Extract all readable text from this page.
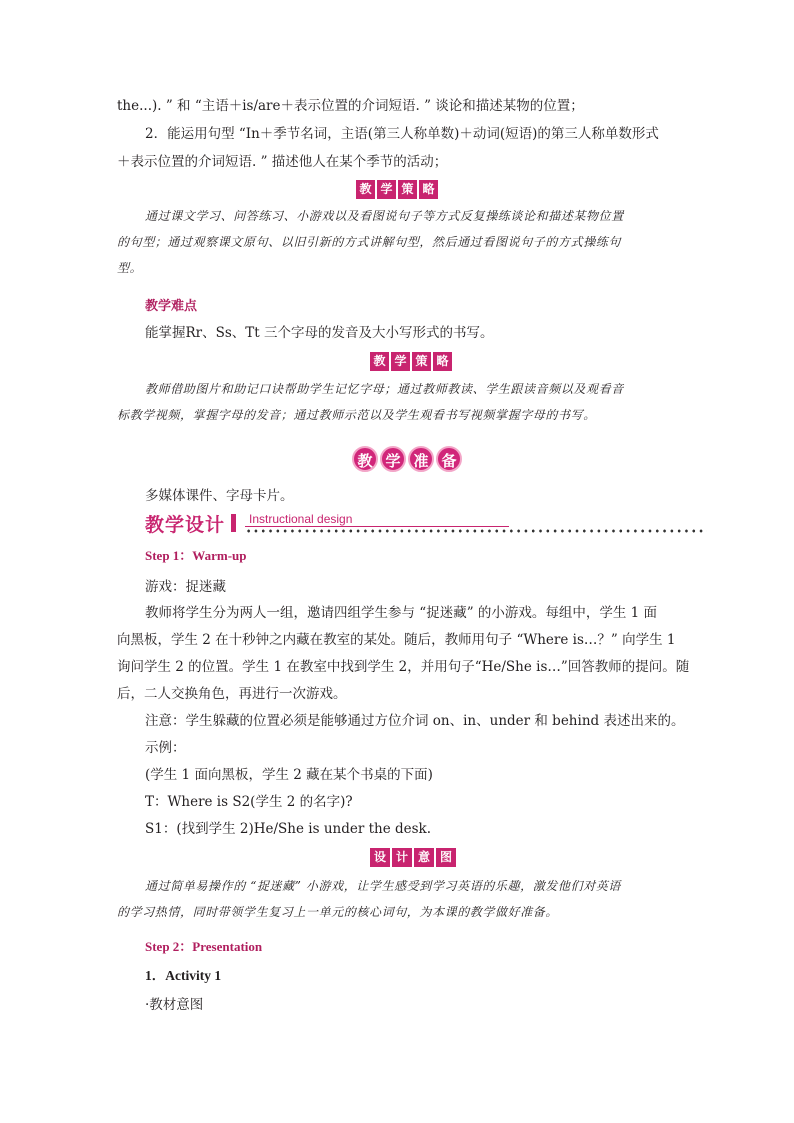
the...). ” 和 “主语＋is/are＋表示位置的介词短语. ” 谈论和描述某物的位置；
2．能运用句型 “In＋季节名词，主语(第三人称单数)＋动词(短语)的第三人称单数形式
＋表示位置的介词短语. ” 描述他人在某个季节的活动；
教 学 策 略
通过课文学习、问答练习、小游戏以及看图说句子等方式反复操练谈论和描述某物位置
的句型；通过观察课文原句、以旧引新的方式讲解句型，然后通过看图说句子的方式操练句
型。
教学难点
能掌握Rr、Ss、Tt 三个字母的发音及大小写形式的书写。
教 学 策 略
教师借助图片和助记口诀帮助学生记忆字母；通过教师教读、学生跟读音频以及观看音
标教学视频，掌握字母的发音；通过教师示范以及学生观看书写视频掌握字母的书写。
教 学 准 备
多媒体课件、字母卡片。
教学设计 Instructional design
Step 1：Warm-up
游戏：捉迷藏
教师将学生分为两人一组，邀请四组学生参与 “捉迷藏” 的小游戏。每组中，学生 1 面
向黑板，学生 2 在十秒钟之内藏在教室的某处。随后，教师用句子 “Where is…？” 向学生 1
询问学生 2 的位置。学生 1 在教室中找到学生 2，并用句子“He/She is…”回答教师的提问。随
后，二人交换角色，再进行一次游戏。
注意：学生躲藏的位置必须是能够通过方位介词 on、in、under 和 behind 表述出来的。
示例：
(学生 1 面向黑板，学生 2 藏在某个书桌的下面)
T：Where is S2(学生 2 的名字)?
S1：(找到学生 2)He/She is under the desk.
设 计 意 图
通过简单易操作的 “捉迷藏” 小游戏，让学生感受到学习英语的乐趣，激发他们对英语
的学习热情，同时带领学生复习上一单元的核心词句，为本课的教学做好准备。
Step 2：Presentation
1．Activity 1
·教材意图
